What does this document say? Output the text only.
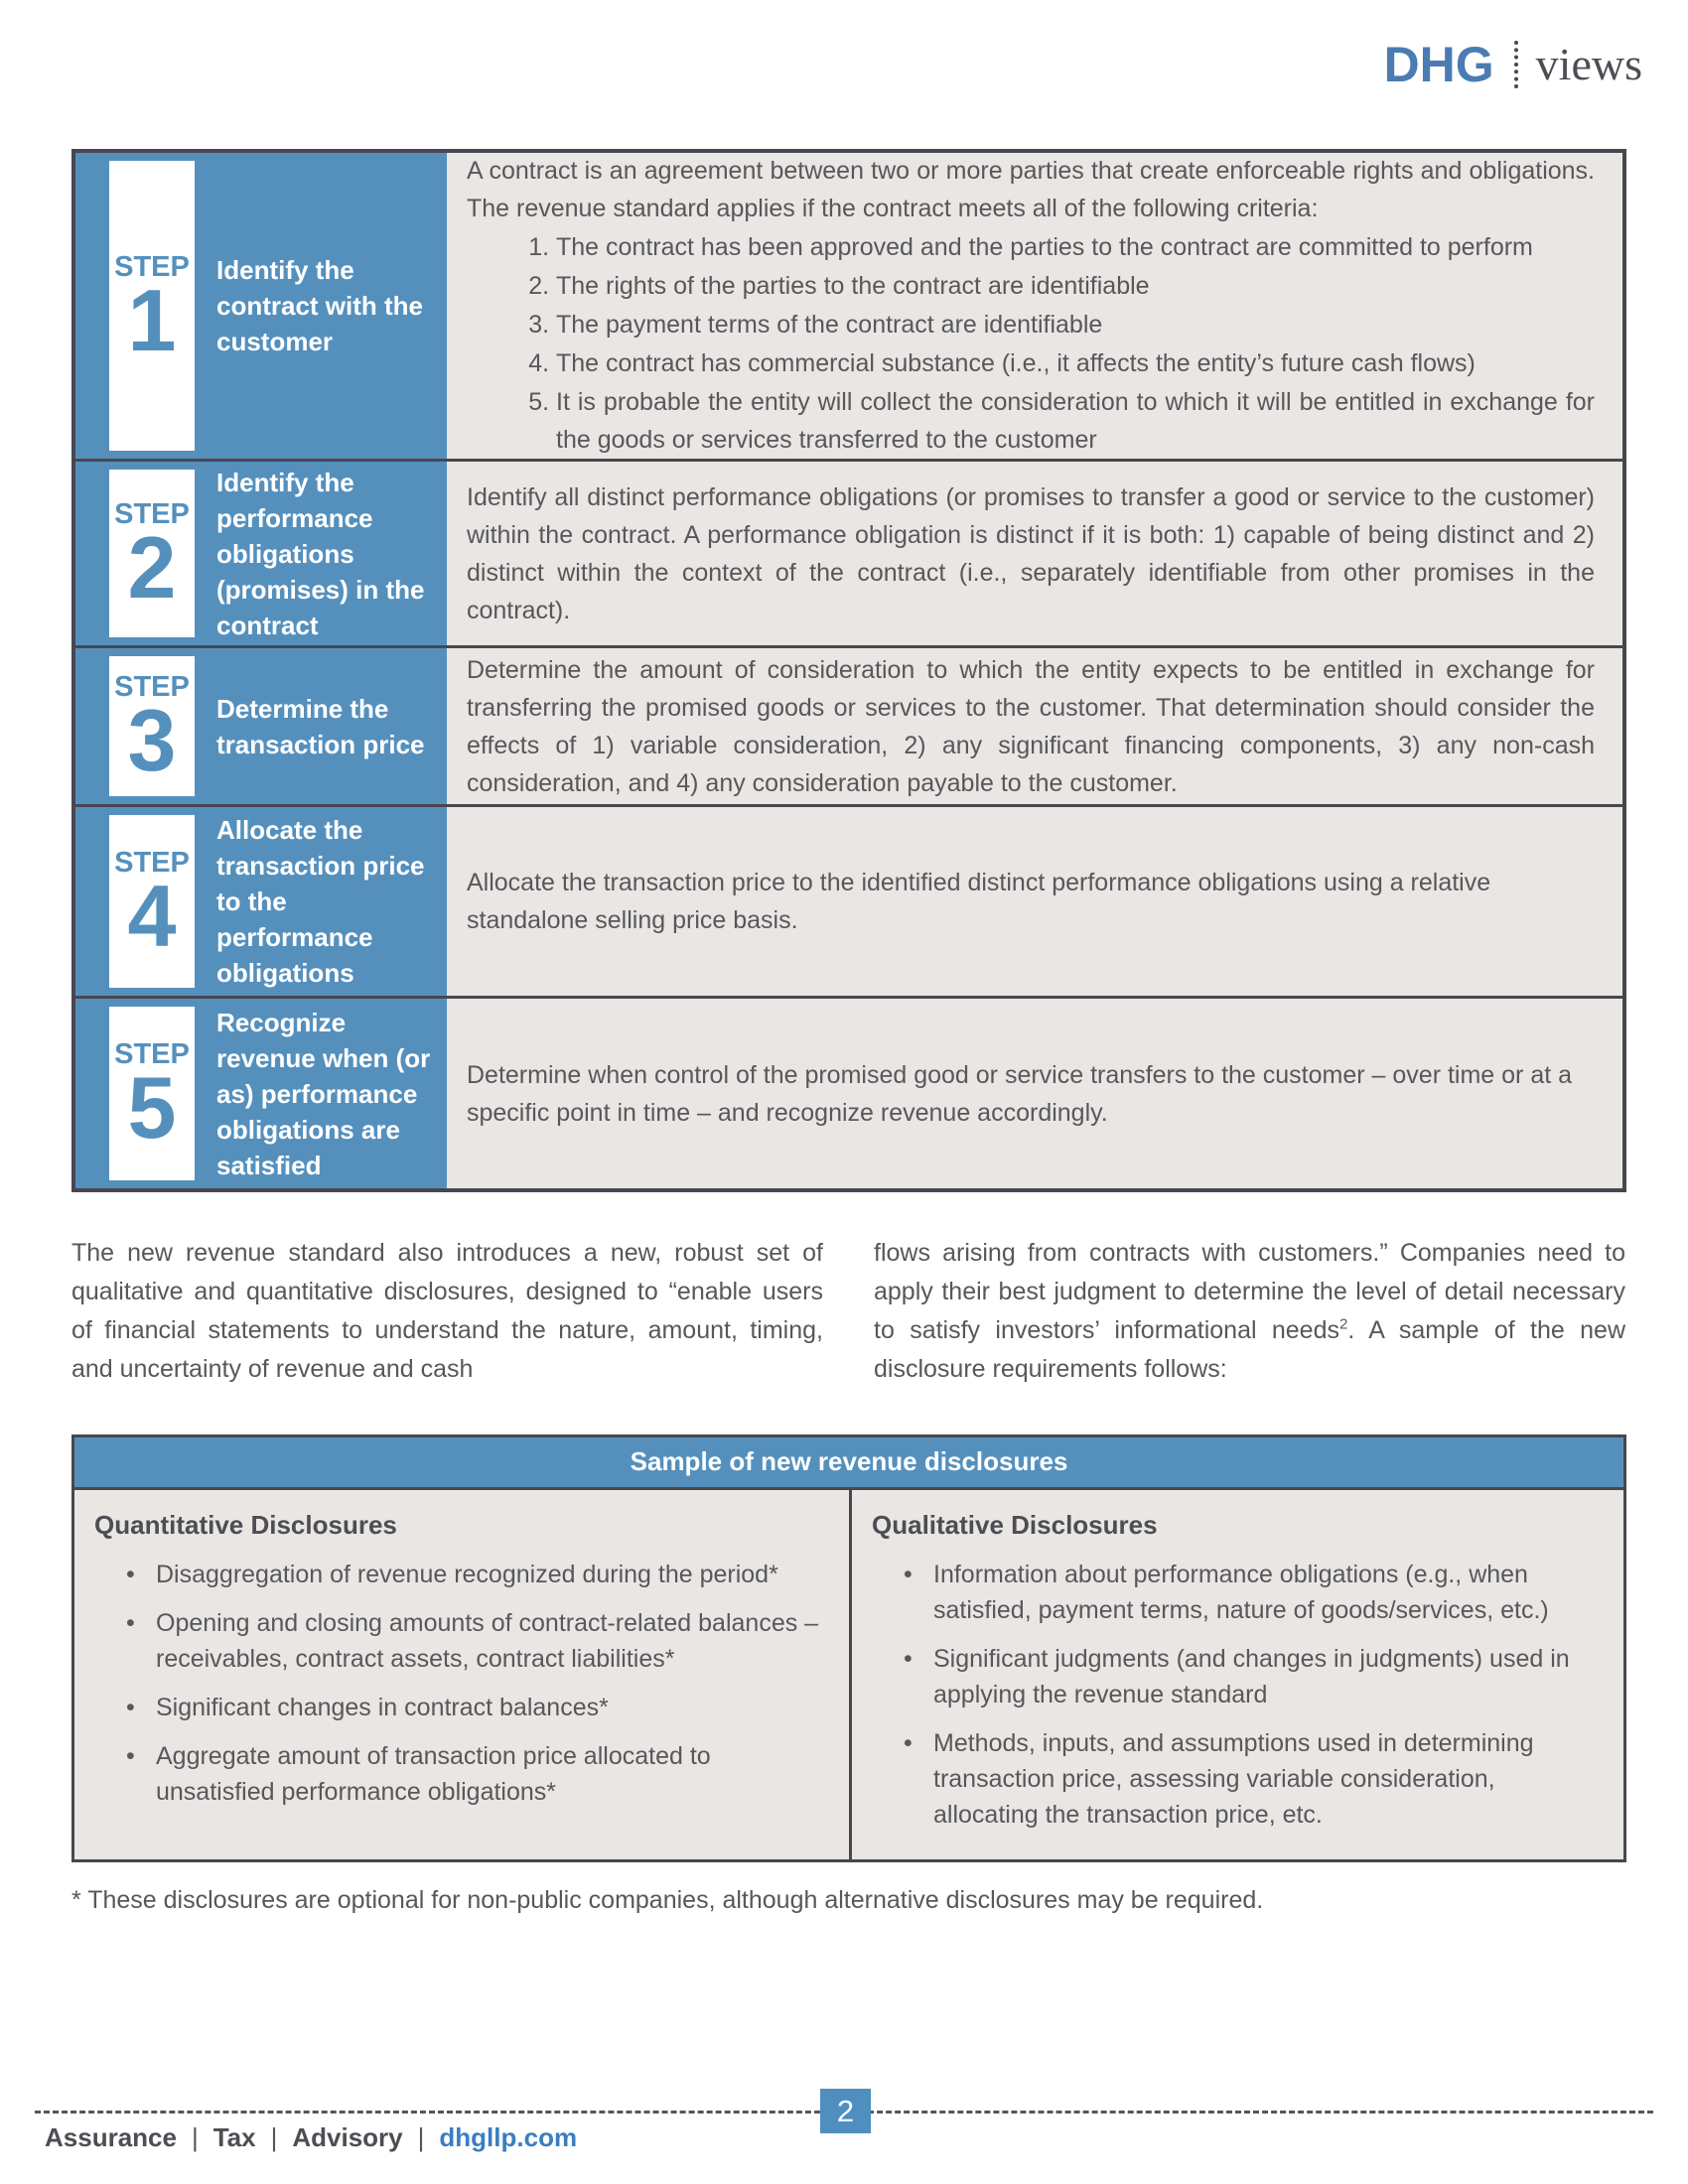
DHG views
STEP
1
Identify the contract with the customer

A contract is an agreement between two or more parties that create enforceable rights and obligations. The revenue standard applies if the contract meets all of the following criteria:

1. The contract has been approved and the parties to the contract are committed to perform
2. The rights of the parties to the contract are identifiable
3. The payment terms of the contract are identifiable
4. The contract has commercial substance (i.e., it affects the entity’s future cash flows)
5. It is probable the entity will collect the consideration to which it will be entitled in exchange for the goods or services transferred to the customer
STEP
2
Identify the performance obligations (promises) in the contract

Identify all distinct performance obligations (or promises to transfer a good or service to the customer) within the contract. A performance obligation is distinct if it is both: 1) capable of being distinct and 2) distinct within the context of the contract (i.e., separately identifiable from other promises in the contract).

STEP
3 Determine the transaction price

Determine the amount of consideration to which the entity expects to be entitled in exchange for transferring the promised goods or services to the customer. That determination should consider the effects of 1) variable consideration, 2) any significant financing components, 3) any non-cash consideration, and 4) any consideration payable to the customer.

STEP
4
Allocate the transaction price to the performance obligations

Allocate the transaction price to the identified distinct performance obligations using a relative standalone selling price basis.

STEP
5
Recognize revenue when (or as) performance obligations are satisfied

Determine when control of the promised good or service transfers to the customer – over time or at a specific point in time – and recognize revenue accordingly.

The new revenue standard also introduces a new, robust set of qualitative and quantitative disclosures, designed to “enable users of financial statements to understand the nature, amount, timing, and uncertainty of revenue and cash
flows arising from contracts with customers.” Companies need to apply their best judgment to determine the level of detail necessary to satisfy investors’ informational needs$^2$. A sample of the new disclosure requirements follows:
Sample of new revenue disclosures
Quantitative Disclosures
• Disaggregation of revenue recognized during the period*
• Opening and closing amounts of contract-related balances – receivables, contract assets, contract liabilities*
• Significant changes in contract balances*
• Aggregate amount of transaction price allocated to unsatisfied performance obligations*
Qualitative Disclosures
• Information about performance obligations (e.g., when satisfied, payment terms, nature of goods/services, etc.)
• Significant judgments (and changes in judgments) used in applying the revenue standard
• Methods, inputs, and assumptions used in determining transaction price, assessing variable consideration, allocating the transaction price, etc.
* These disclosures are optional for non-public companies, although alternative disclosures may be required.
2
Assurance | Tax | Advisory | dhgllp.com
